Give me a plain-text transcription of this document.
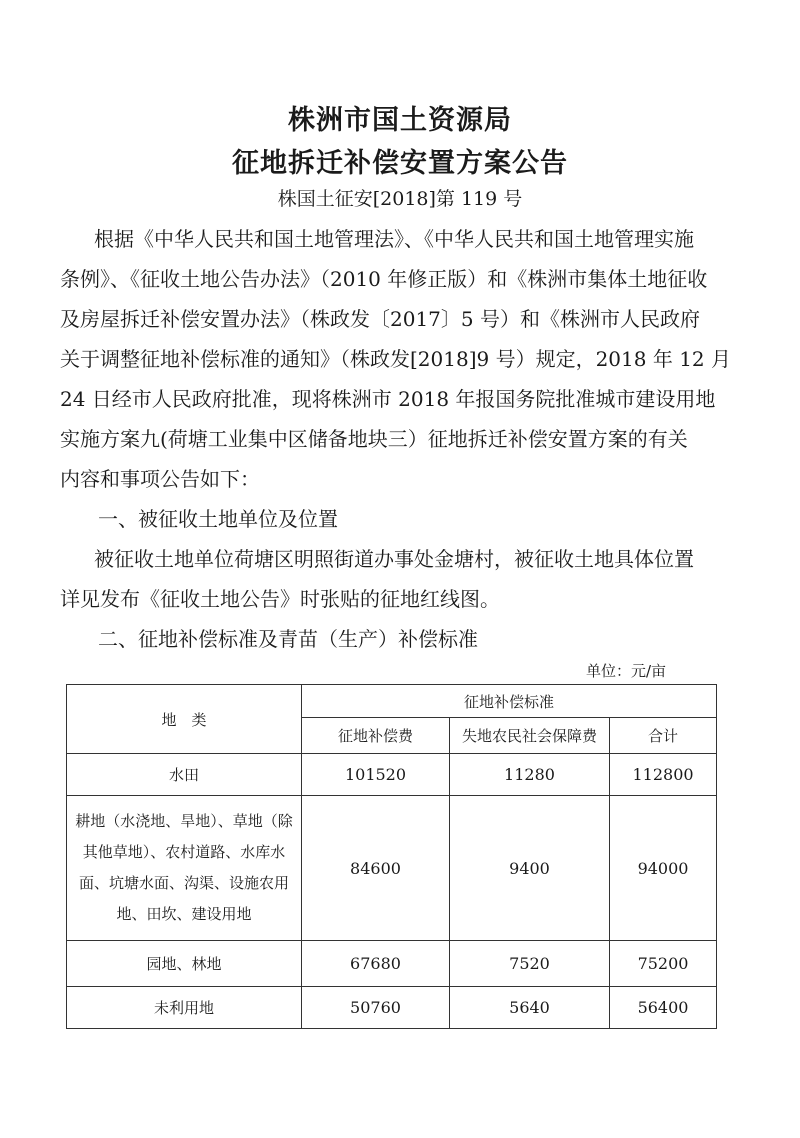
株洲市国土资源局
征地拆迁补偿安置方案公告
株国土征安[2018]第 119 号
根据《中华人民共和国土地管理法》、《中华人民共和国土地管理实施
条例》、《征收土地公告办法》（2010 年修正版）和《株洲市集体土地征收
及房屋拆迁补偿安置办法》（株政发〔2017〕5 号）和《株洲市人民政府
关于调整征地补偿标准的通知》（株政发[2018]9 号）规定，2018 年 12 月
24 日经市人民政府批准，现将株洲市 2018 年报国务院批准城市建设用地
实施方案九(荷塘工业集中区储备地块三）征地拆迁补偿安置方案的有关
内容和事项公告如下：
一、被征收土地单位及位置
被征收土地单位荷塘区明照街道办事处金塘村，被征收土地具体位置
详见发布《征收土地公告》时张贴的征地红线图。
二、征地补偿标准及青苗（生产）补偿标准
单位：元/亩
地　类	征地补偿标准		
	征地补偿费	失地农民社会保障费	合计
水田	101520	11280	112800

耕地（水浇地、旱地）、草地（除
其他草地）、农村道路、水库水
面、坑塘水面、沟渠、设施农用
地、田坎、建设用地	84600	9400	94000
园地、林地	67680	7520	75200
未利用地	50760	5640	56400
